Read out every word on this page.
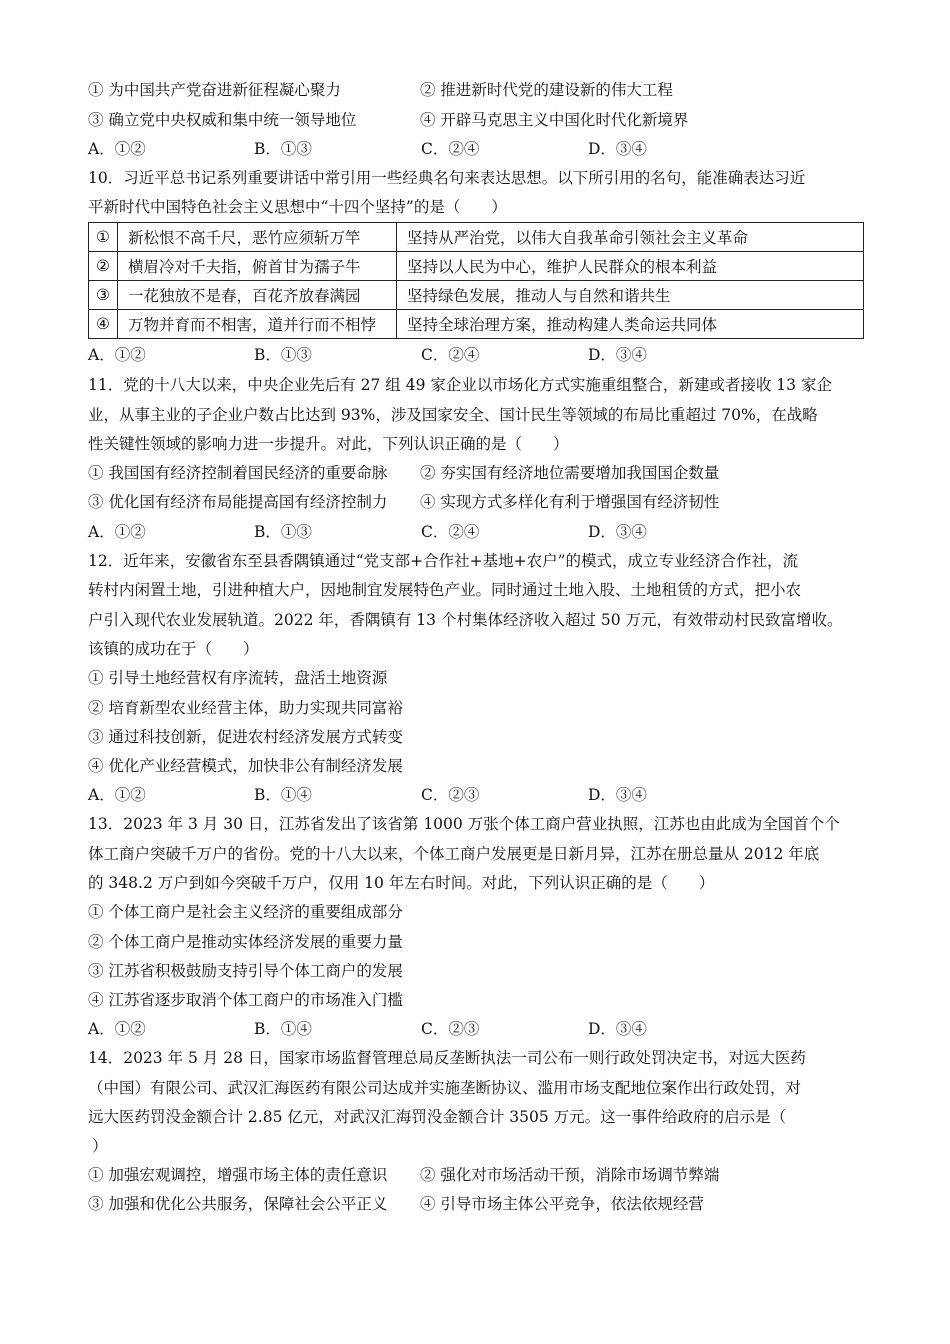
① 为中国共产党奋进新征程凝心聚力	② 推进新时代党的建设新的伟大工程
③ 确立党中央权威和集中统一领导地位	④ 开辟马克思主义中国化时代化新境界
A．①②	B．①③	C．②④	D．③④
10．习近平总书记系列重要讲话中常引用一些经典名句来表达思想。以下所引用的名句，能准确表达习近
平新时代中国特色社会主义思想中“十四个坚持”的是（　　）
①	新松恨不高千尺，恶竹应须斩万竿	坚持从严治党，以伟大自我革命引领社会主义革命
②	横眉冷对千夫指，俯首甘为孺子牛	坚持以人民为中心，维护人民群众的根本利益
③	一花独放不是春，百花齐放春满园	坚持绿色发展，推动人与自然和谐共生
④	万物并育而不相害，道并行而不相悖	坚持全球治理方案，推动构建人类命运共同体
A．①②	B．①③	C．②④	D．③④
11．党的十八大以来，中央企业先后有 27 组 49 家企业以市场化方式实施重组整合，新建或者接收 13 家企
业，从事主业的子企业户数占比达到 93%，涉及国家安全、国计民生等领域的布局比重超过 70%，在战略
性关键性领域的影响力进一步提升。对此，下列认识正确的是（　　）
① 我国国有经济控制着国民经济的重要命脉 ② 夯实国有经济地位需要增加我国国企数量
③ 优化国有经济布局能提高国有经济控制力 ④ 实现方式多样化有利于增强国有经济韧性
A．①②	B．①③	C．②④	D．③④
12．近年来，安徽省东至县香隅镇通过“党支部+合作社+基地+农户”的模式，成立专业经济合作社，流
转村内闲置土地，引进种植大户，因地制宜发展特色产业。同时通过土地入股、土地租赁的方式，把小农
户引入现代农业发展轨道。2022 年，香隅镇有 13 个村集体经济收入超过 50 万元，有效带动村民致富增收。
该镇的成功在于（　　）
① 引导土地经营权有序流转，盘活土地资源
② 培育新型农业经营主体，助力实现共同富裕
③ 通过科技创新，促进农村经济发展方式转变
④ 优化产业经营模式，加快非公有制经济发展
A．①②	B．①④	C．②③	D．③④
13．2023 年 3 月 30 日，江苏省发出了该省第 1000 万张个体工商户营业执照，江苏也由此成为全国首个个
体工商户突破千万户的省份。党的十八大以来，个体工商户发展更是日新月异，江苏在册总量从 2012 年底
的 348.2 万户到如今突破千万户，仅用 10 年左右时间。对此，下列认识正确的是（　　）
① 个体工商户是社会主义经济的重要组成部分
② 个体工商户是推动实体经济发展的重要力量
③ 江苏省积极鼓励支持引导个体工商户的发展
④ 江苏省逐步取消个体工商户的市场准入门槛
A．①②	B．①④	C．②③	D．③④
14．2023 年 5 月 28 日，国家市场监督管理总局反垄断执法一司公布一则行政处罚决定书，对远大医药
（中国）有限公司、武汉汇海医药有限公司达成并实施垄断协议、滥用市场支配地位案作出行政处罚，对
远大医药罚没金额合计 2.85 亿元，对武汉汇海罚没金额合计 3505 万元。这一事件给政府的启示是（
）
① 加强宏观调控，增强市场主体的责任意识 ② 强化对市场活动干预，消除市场调节弊端
③ 加强和优化公共服务，保障社会公平正义 ④ 引导市场主体公平竞争，依法依规经营
